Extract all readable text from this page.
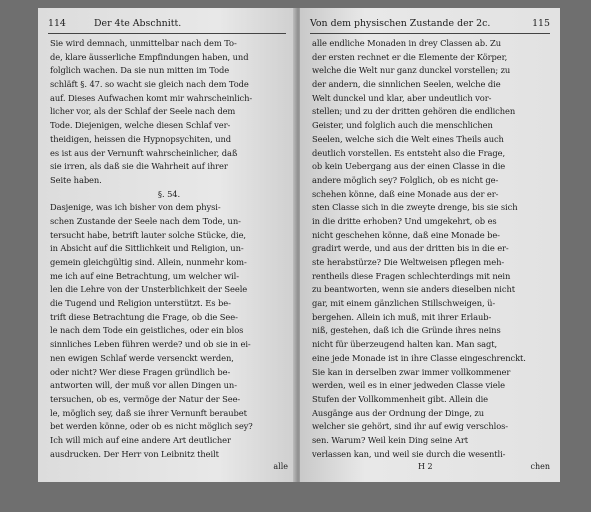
114	Der 4te Abschnitt.
Sie wird demnach, unmittelbar nach dem To-
de, klare äusserliche Empfindungen haben, und
folglich wachen. Da sie nun mitten im Tode
schläft §. 47. so wacht sie gleich nach dem Tode
auf. Dieses Aufwachen komt mir wahrscheinlich-
licher vor, als der Schlaf der Seele nach dem
Tode. Diejenigen, welche diesen Schlaf ver-
theidigen, heissen die Hypnopsychiten, und
es ist aus der Vernunft wahrscheinlicher, daß
sie irren, als daß sie die Wahrheit auf ihrer
Seite haben.
§. 54.
Dasjenige, was ich bisher von dem physi-
schen Zustande der Seele nach dem Tode, un-
tersucht habe, betrift lauter solche Stücke, die,
in Absicht auf die Sittlichkeit und Religion, un-
gemein gleichgültig sind. Allein, nunmehr kom-
me ich auf eine Betrachtung, um welcher wil-
len die Lehre von der Unsterblichkeit der Seele
die Tugend und Religion unterstützt. Es be-
trift diese Betrachtung die Frage, ob die See-
le nach dem Tode ein geistliches, oder ein blos
sinnliches Leben führen werde? und ob sie in ei-
nen ewigen Schlaf werde versenckt werden,
oder nicht? Wer diese Fragen gründlich be-
antworten will, der muß vor allen Dingen un-
tersuchen, ob es, vermöge der Natur der See-
le, möglich sey, daß sie ihrer Vernunft beraubet
bet werden könne, oder ob es nicht möglich sey?
Ich will mich auf eine andere Art deutlicher
ausdrucken. Der Herr von Leibnitz theilt
alle
Von dem physischen Zustande der 2c.	115
alle endliche Monaden in drey Classen ab. Zu
der ersten rechnet er die Elemente der Körper,
welche die Welt nur ganz dunckel vorstellen; zu
der andern, die sinnlichen Seelen, welche die
Welt dunckel und klar, aber undeutlich vor-
stellen; und zu der dritten gehören die endlichen
Geister, und folglich auch die menschlichen
Seelen, welche sich die Welt eines Theils auch
deutlich vorstellen. Es entsteht also die Frage,
ob kein Uebergang aus der einen Classe in die
andere möglich sey? Folglich, ob es nicht ge-
schehen könne, daß eine Monade aus der er-
sten Classe sich in die zweyte drenge, bis sie sich
in die dritte erhoben? Und umgekehrt, ob es
nicht geschehen könne, daß eine Monade be-
gradirt werde, und aus der dritten bis in die er-
ste herabstürze? Die Weltweisen pflegen meh-
rentheils diese Fragen schlechterdings mit nein
zu beantworten, wenn sie anders dieselben nicht
gar, mit einem gänzlichen Stillschweigen, ü-
bergehen. Allein ich muß, mit ihrer Erlaub-
niß, gestehen, daß ich die Gründe ihres neins
nicht für überzeugend halten kan. Man sagt,
eine jede Monade ist in ihre Classe eingeschrenckt.
Sie kan in derselben zwar immer vollkommener
werden, weil es in einer jedweden Classe viele
Stufen der Vollkommenheit gibt. Allein die
Ausgänge aus der Ordnung der Dinge, zu
welcher sie gehört, sind ihr auf ewig verschlos-
sen. Warum? Weil kein Ding seine Art
verlassen kan, und weil sie durch die wesentli-
H 2	chen
